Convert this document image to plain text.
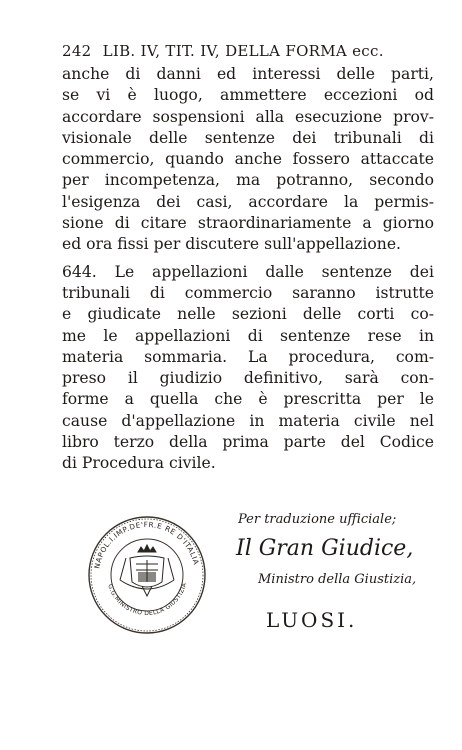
242 LIB. IV, TIT. IV, DELLA FORMA ecc.
anche di danni ed interessi delle parti,
se vi è luogo, ammettere eccezioni od
accordare sospensioni alla esecuzione prov-
visionale delle sentenze dei tribunali di
commercio, quando anche fossero attaccate
per incompetenza, ma potranno, secondo
l'esigenza dei casi, accordare la permis-
sione di citare straordinariamente a giorno
ed ora fissi per discutere sull'appellazione.
644. Le appellazioni dalle sentenze dei
tribunali di commercio saranno istrutte
e giudicate nelle sezioni delle corti co-
me le appellazioni di sentenze rese in
materia sommaria. La procedura, com-
preso il giudizio definitivo, sarà con-
forme a quella che è prescritta per le
cause d'appellazione in materia civile nel
libro terzo della prima parte del Codice
di Procedura civile.
NAPOL.I.IMP.DE'FR.E RE D'ITALIA
G.G.MINISTRO DELLA GIUSTIZIA
Per traduzione ufficiale;
Il Gran Giudice,
Ministro della Giustizia,
LUOSI.
